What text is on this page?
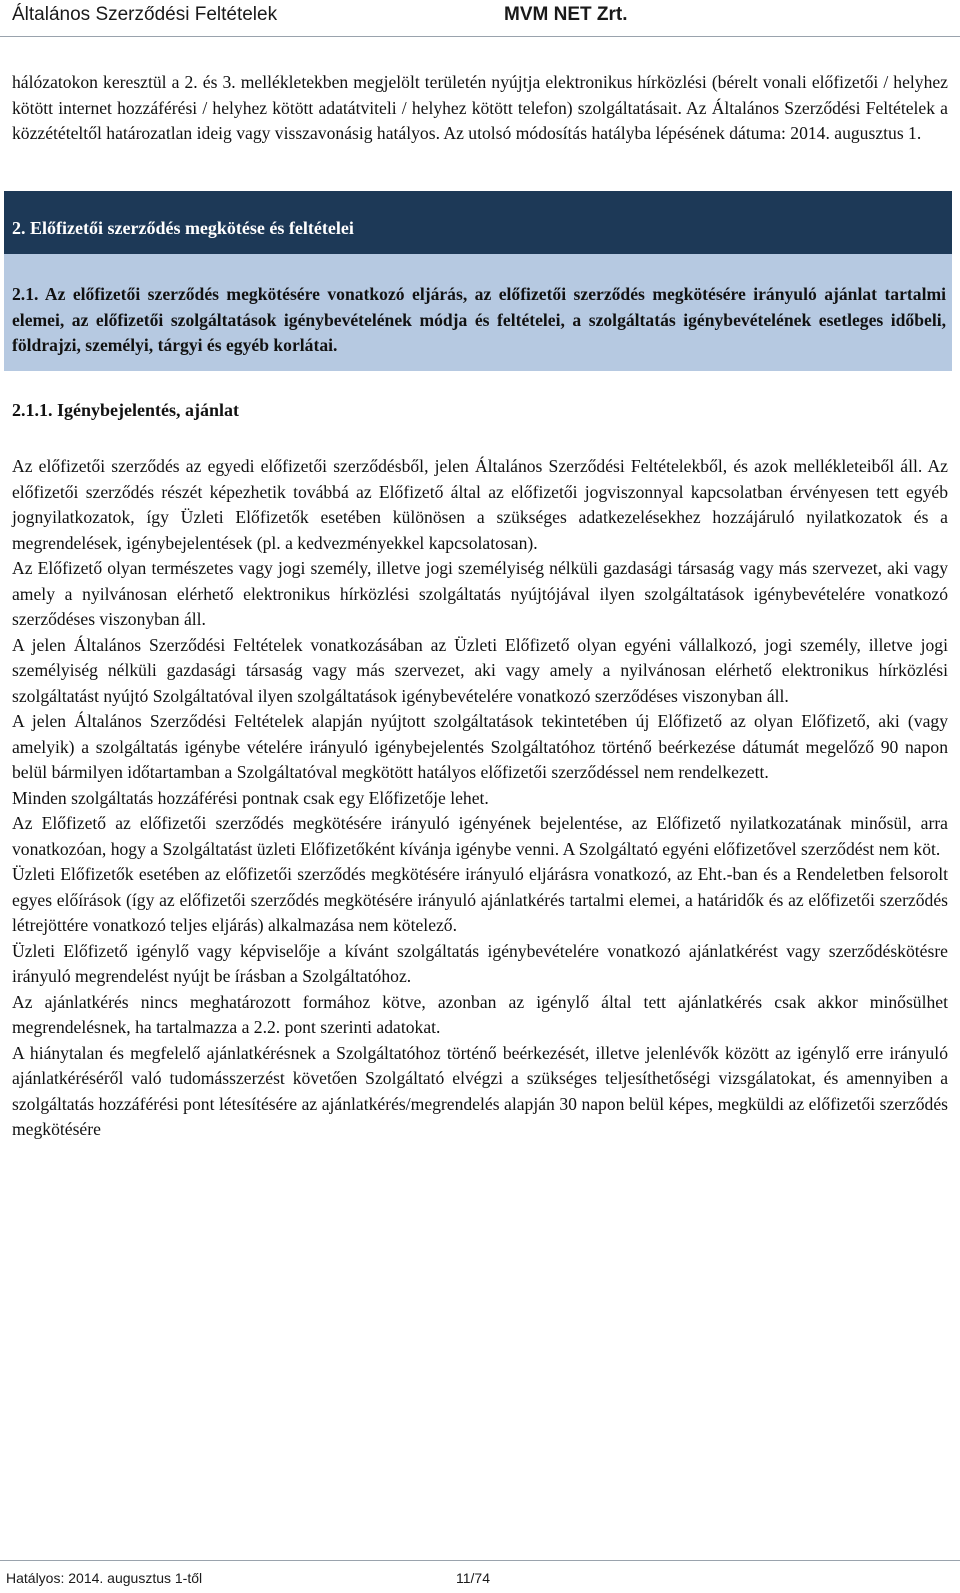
Általános Szerződési Feltételek	MVM NET Zrt.

hálózatokon keresztül a 2. és 3. mellékletekben megjelölt területén nyújtja elektronikus hírközlési (bérelt vonali előfizetői / helyhez kötött internet hozzáférési / helyhez kötött adatátviteli / helyhez kötött telefon) szolgáltatásait. Az Általános Szerződési Feltételek a közzétételtől határozatlan ideig vagy visszavonásig hatályos. Az utolsó módosítás hatályba lépésének dátuma: 2014. augusztus 1.

2. Előfizetői szerződés megkötése és feltételei

2.1. Az előfizetői szerződés megkötésére vonatkozó eljárás, az előfizetői szerződés megkötésére irányuló ajánlat tartalmi elemei, az előfizetői szolgáltatások igénybevételének módja és feltételei, a szolgáltatás igénybevételének esetleges időbeli, földrajzi, személyi, tárgyi és egyéb korlátai.

2.1.1. Igénybejelentés, ajánlat

Az előfizetői szerződés az egyedi előfizetői szerződésből, jelen Általános Szerződési Feltételekből, és azok mellékleteiből áll. Az előfizetői szerződés részét képezhetik továbbá az Előfizető által az előfizetői jogviszonnyal kapcsolatban érvényesen tett egyéb jognyilatkozatok, így Üzleti Előfizetők esetében különösen a szükséges adatkezelésekhez hozzájáruló nyilatkozatok és a megrendelések, igénybejelentések (pl. a kedvezményekkel kapcsolatosan).

Az Előfizető olyan természetes vagy jogi személy, illetve jogi személyiség nélküli gazdasági társaság vagy más szervezet, aki vagy amely a nyilvánosan elérhető elektronikus hírközlési szolgáltatás nyújtójával ilyen szolgáltatások igénybevételére vonatkozó szerződéses viszonyban áll.

A jelen Általános Szerződési Feltételek vonatkozásában az Üzleti Előfizető olyan egyéni vállalkozó, jogi személy, illetve jogi személyiség nélküli gazdasági társaság vagy más szervezet, aki vagy amely a nyilvánosan elérhető elektronikus hírközlési szolgáltatást nyújtó Szolgáltatóval ilyen szolgáltatások igénybevételére vonatkozó szerződéses viszonyban áll.

A jelen Általános Szerződési Feltételek alapján nyújtott szolgáltatások tekintetében új Előfizető az olyan Előfizető, aki (vagy amelyik) a szolgáltatás igénybe vételére irányuló igénybejelentés Szolgáltatóhoz történő beérkezése dátumát megelőző 90 napon belül bármilyen időtartamban a Szolgáltatóval megkötött hatályos előfizetői szerződéssel nem rendelkezett.

Minden szolgáltatás hozzáférési pontnak csak egy Előfizetője lehet.

Az Előfizető az előfizetői szerződés megkötésére irányuló igényének bejelentése, az Előfizető nyilatkozatának minősül, arra vonatkozóan, hogy a Szolgáltatást üzleti Előfizetőként kívánja igénybe venni. A Szolgáltató egyéni előfizetővel szerződést nem köt.

Üzleti Előfizetők esetében az előfizetői szerződés megkötésére irányuló eljárásra vonatkozó, az Eht.-ban és a Rendeletben felsorolt egyes előírások (így az előfizetői szerződés megkötésére irányuló ajánlatkérés tartalmi elemei, a határidők és az előfizetői szerződés létrejöttére vonatkozó teljes eljárás) alkalmazása nem kötelező.

Üzleti Előfizető igénylő vagy képviselője a kívánt szolgáltatás igénybevételére vonatkozó ajánlatkérést vagy szerződéskötésre irányuló megrendelést nyújt be írásban a Szolgáltatóhoz.

Az ajánlatkérés nincs meghatározott formához kötve, azonban az igénylő által tett ajánlatkérés csak akkor minősülhet megrendelésnek, ha tartalmazza a 2.2. pont szerinti adatokat.

A hiánytalan és megfelelő ajánlatkérésnek a Szolgáltatóhoz történő beérkezését, illetve jelenlévők között az igénylő erre irányuló ajánlatkéréséről való tudomásszerzést követően Szolgáltató elvégzi a szükséges teljesíthetőségi vizsgálatokat, és amennyiben a szolgáltatás hozzáférési pont létesítésére az ajánlatkérés/megrendelés alapján 30 napon belül képes, megküldi az előfizetői szerződés megkötésére

Hatályos: 2014. augusztus 1-től	11/74
